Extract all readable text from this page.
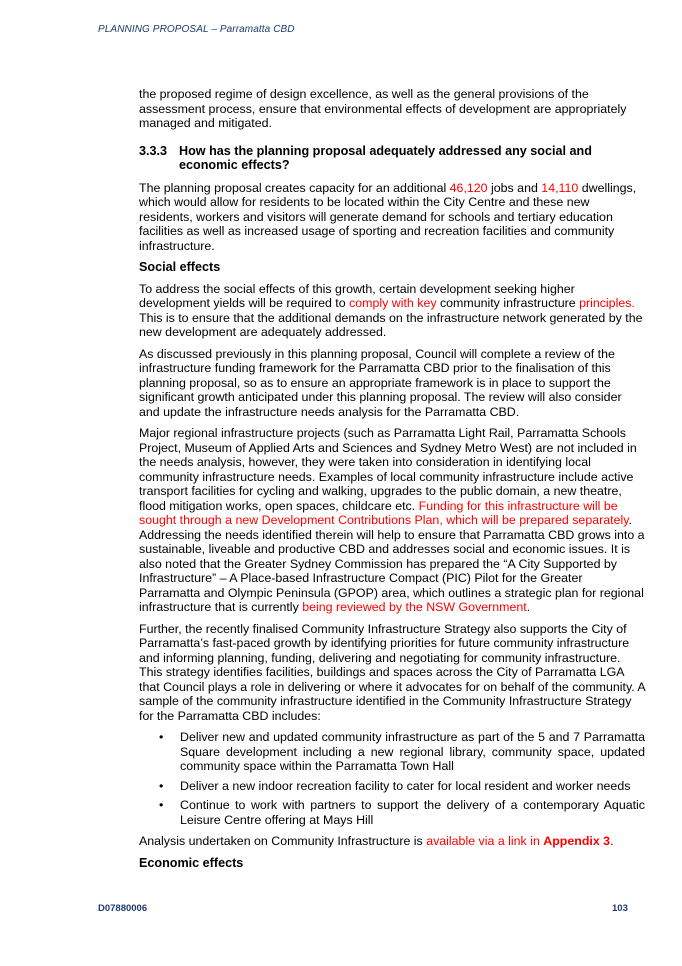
PLANNING PROPOSAL – Parramatta CBD

the proposed regime of design excellence, as well as the general provisions of the assessment process, ensure that environmental effects of development are appropriately managed and mitigated.

3.3.3 How has the planning proposal adequately addressed any social and economic effects?

The planning proposal creates capacity for an additional 46,120 jobs and 14,110 dwellings, which would allow for residents to be located within the City Centre and these new residents, workers and visitors will generate demand for schools and tertiary education facilities as well as increased usage of sporting and recreation facilities and community infrastructure.

Social effects

To address the social effects of this growth, certain development seeking higher development yields will be required to comply with key community infrastructure principles. This is to ensure that the additional demands on the infrastructure network generated by the new development are adequately addressed.

As discussed previously in this planning proposal, Council will complete a review of the infrastructure funding framework for the Parramatta CBD prior to the finalisation of this planning proposal, so as to ensure an appropriate framework is in place to support the significant growth anticipated under this planning proposal. The review will also consider and update the infrastructure needs analysis for the Parramatta CBD.

Major regional infrastructure projects (such as Parramatta Light Rail, Parramatta Schools Project, Museum of Applied Arts and Sciences and Sydney Metro West) are not included in the needs analysis, however, they were taken into consideration in identifying local community infrastructure needs. Examples of local community infrastructure include active transport facilities for cycling and walking, upgrades to the public domain, a new theatre, flood mitigation works, open spaces, childcare etc. Funding for this infrastructure will be sought through a new Development Contributions Plan, which will be prepared separately. Addressing the needs identified therein will help to ensure that Parramatta CBD grows into a sustainable, liveable and productive CBD and addresses social and economic issues. It is also noted that the Greater Sydney Commission has prepared the “A City Supported by Infrastructure” – A Place-based Infrastructure Compact (PIC) Pilot for the Greater Parramatta and Olympic Peninsula (GPOP) area, which outlines a strategic plan for regional infrastructure that is currently being reviewed by the NSW Government.

Further, the recently finalised Community Infrastructure Strategy also supports the City of Parramatta’s fast-paced growth by identifying priorities for future community infrastructure and informing planning, funding, delivering and negotiating for community infrastructure. This strategy identifies facilities, buildings and spaces across the City of Parramatta LGA that Council plays a role in delivering or where it advocates for on behalf of the community. A sample of the community infrastructure identified in the Community Infrastructure Strategy for the Parramatta CBD includes:

• Deliver new and updated community infrastructure as part of the 5 and 7 Parramatta Square development including a new regional library, community space, updated community space within the Parramatta Town Hall
• Deliver a new indoor recreation facility to cater for local resident and worker needs
• Continue to work with partners to support the delivery of a contemporary Aquatic Leisure Centre offering at Mays Hill

Analysis undertaken on Community Infrastructure is available via a link in Appendix 3.

Economic effects
D07880006	103
